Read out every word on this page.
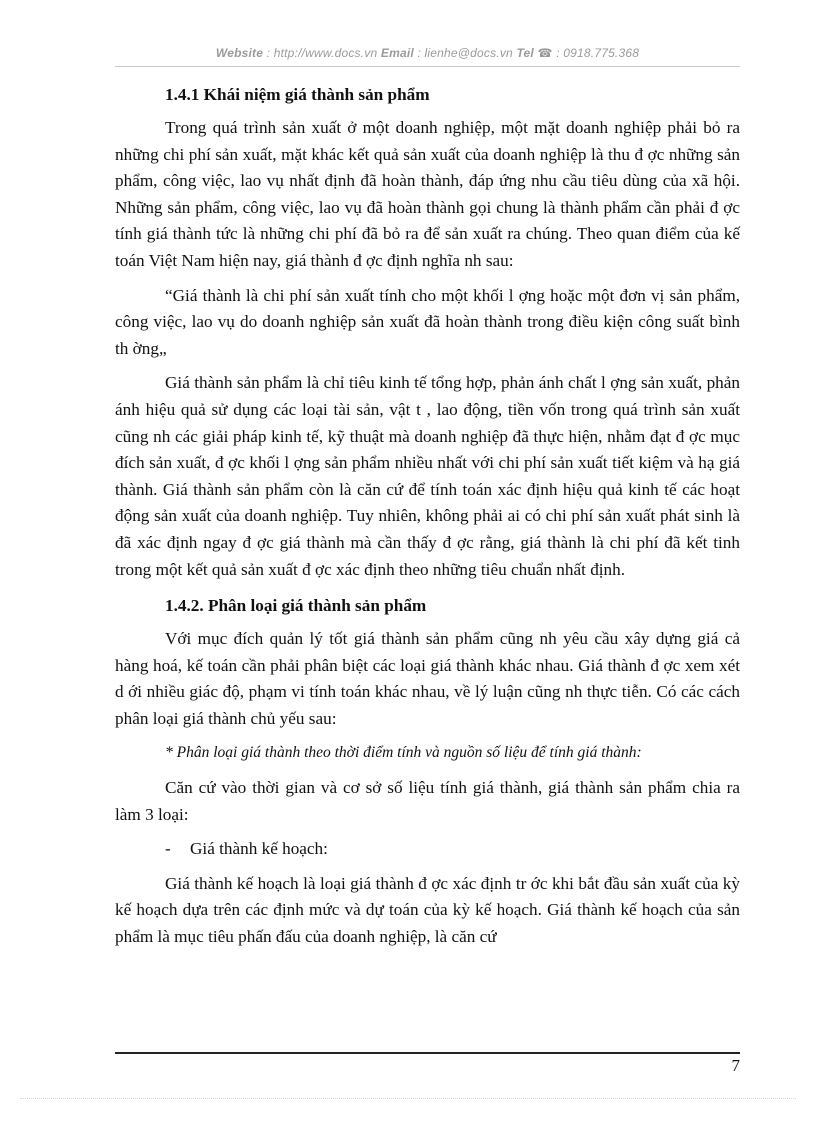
Website : http://www.docs.vn Email : lienhe@docs.vn Tel ☎ : 0918.775.368
1.4.1 Khái niệm giá thành sản phẩm

Trong quá trình sản xuất ở một doanh nghiệp, một mặt doanh nghiệp phải bỏ ra những chi phí sản xuất, mặt khác kết quả sản xuất của doanh nghiệp là thu đ ợc những sản phẩm, công việc, lao vụ nhất định đã hoàn thành, đáp ứng nhu cầu tiêu dùng của xã hội. Những sản phẩm, công việc, lao vụ đã hoàn thành gọi chung là thành phẩm cần phải đ ợc tính giá thành tức là những chi phí đã bỏ ra để sản xuất ra chúng. Theo quan điểm của kế toán Việt Nam hiện nay, giá thành đ ợc định nghĩa nh sau:

“Giá thành là chi phí sản xuất tính cho một khối l ợng hoặc một đơn vị sản phẩm, công việc, lao vụ do doanh nghiệp sản xuất đã hoàn thành trong điều kiện công suất bình th ờng„

Giá thành sản phẩm là chỉ tiêu kinh tế tổng hợp, phản ánh chất l ợng sản xuất, phản ánh hiệu quả sử dụng các loại tài sản, vật t , lao động, tiền vốn trong quá trình sản xuất cũng nh các giải pháp kinh tế, kỹ thuật mà doanh nghiệp đã thực hiện, nhằm đạt đ ợc mục đích sản xuất, đ ợc khối l ợng sản phẩm nhiều nhất với chi phí sản xuất tiết kiệm và hạ giá thành. Giá thành sản phẩm còn là căn cứ để tính toán xác định hiệu quả kinh tế các hoạt động sản xuất của doanh nghiệp. Tuy nhiên, không phải ai có chi phí sản xuất phát sinh là đã xác định ngay đ ợc giá thành mà cần thấy đ ợc rằng, giá thành là chi phí đã kết tinh trong một kết quả sản xuất đ ợc xác định theo những tiêu chuẩn nhất định.

1.4.2. Phân loại giá thành sản phẩm

Với mục đích quản lý tốt giá thành sản phẩm cũng nh yêu cầu xây dựng giá cả hàng hoá, kế toán cần phải phân biệt các loại giá thành khác nhau. Giá thành đ ợc xem xét d ới nhiều giác độ, phạm vi tính toán khác nhau, về lý luận cũng nh thực tiễn. Có các cách phân loại giá thành chủ yếu sau:

* Phân loại giá thành theo thời điểm tính và nguồn số liệu để tính giá thành:

Căn cứ vào thời gian và cơ sở số liệu tính giá thành, giá thành sản phẩm chia ra làm 3 loại:

-	Giá thành kế hoạch:

Giá thành kế hoạch là loại giá thành đ ợc xác định tr ớc khi bắt đầu sản xuất của kỳ kế hoạch dựa trên các định mức và dự toán của kỳ kế hoạch. Giá thành kế hoạch của sản phẩm là mục tiêu phấn đấu của doanh nghiệp, là căn cứ

7
